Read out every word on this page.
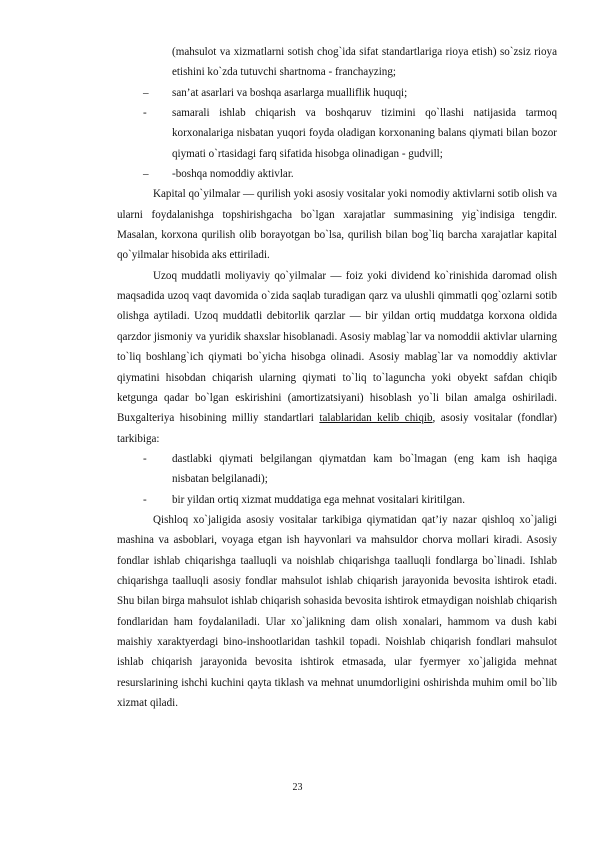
(mahsulot va xizmatlarni sotish chog`ida sifat standartlariga rioya etish) so`zsiz rioya etishini ko`zda tutuvchi shartnoma - franchayzing;

– san’at asarlari va boshqa asarlarga mualliflik huquqi;
- samarali ishlab chiqarish va boshqaruv tizimini qo`llashi natijasida tarmoq korxonalariga nisbatan yuqori foyda oladigan korxonaning balans qiymati bilan bozor qiymati o`rtasidagi farq sifatida hisobga olinadigan - gudvill;
– -boshqa nomoddiy aktivlar.

Kapital qo`yilmalar — qurilish yoki asosiy vositalar yoki nomodiy aktivlarni sotib olish va ularni foydalanishga topshirishgacha bo`lgan xarajatlar summasining yig`indisiga tengdir. Masalan, korxona qurilish olib borayotgan bo`lsa, qurilish bilan bog`liq barcha xarajatlar kapital qo`yilmalar hisobida aks ettiriladi.

Uzoq muddatli moliyaviy qo`yilmalar — foiz yoki dividend ko`rinishida daromad olish maqsadida uzoq vaqt davomida o`zida saqlab turadigan qarz va ulushli qimmatli qog`ozlarni sotib olishga aytiladi. Uzoq muddatli debitorlik qarzlar — bir yildan ortiq muddatga korxona oldida qarzdor jismoniy va yuridik shaxslar hisoblanadi. Asosiy mablag`lar va nomoddii aktivlar ularning to`liq boshlang`ich qiymati bo`yicha hisobga olinadi. Asosiy mablag`lar va nomoddiy aktivlar qiymatini hisobdan chiqarish ularning qiymati to`liq to`laguncha yoki obyekt safdan chiqib ketgunga qadar bo`lgan eskirishini (amortizatsiyani) hisoblash yo`li bilan amalga oshiriladi. Buxgalteriya hisobining milliy standartlari talablaridan kelib chiqib, asosiy vositalar (fondlar) tarkibiga:

- dastlabki qiymati belgilangan qiymatdan kam bo`lmagan (eng kam ish haqiga nisbatan belgilanadi);
- bir yildan ortiq xizmat muddatiga ega mehnat vositalari kiritilgan.

Qishloq xo`jaligida asosiy vositalar tarkibiga qiymatidan qat’iy nazar qishloq xo`jaligi mashina va asboblari, voyaga etgan ish hayvonlari va mahsuldor chorva mollari kiradi. Asosiy fondlar ishlab chiqarishga taalluqli va noishlab chiqarishga taalluqli fondlarga bo`linadi. Ishlab chiqarishga taalluqli asosiy fondlar mahsulot ishlab chiqarish jarayonida bevosita ishtirok etadi. Shu bilan birga mahsulot ishlab chiqarish sohasida bevosita ishtirok etmaydigan noishlab chiqarish fondlaridan ham foydalaniladi. Ular xo`jalikning dam olish xonalari, hammom va dush kabi maishiy xaraktyerdagi bino-inshootlaridan tashkil topadi. Noishlab chiqarish fondlari mahsulot ishlab chiqarish jarayonida bevosita ishtirok etmasada, ular fyermyer xo`jaligida mehnat resurslarining ishchi kuchini qayta tiklash va mehnat unumdorligini oshirishda muhim omil bo`lib xizmat qiladi.

23
